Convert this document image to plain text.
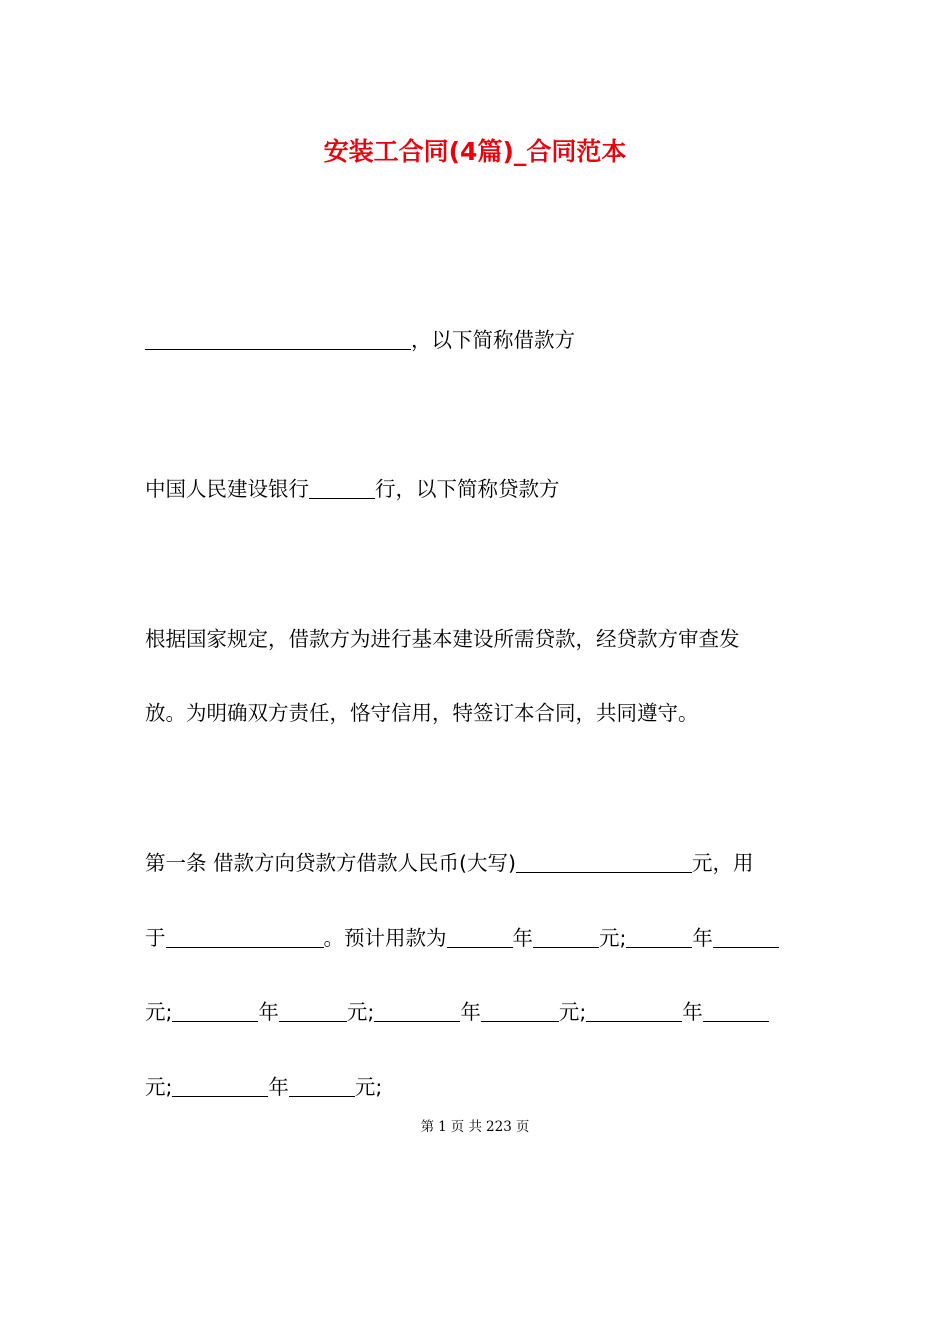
安装工合同(4篇)_合同范本
，以下简称借款方
中国人民建设银行	行，以下简称贷款方
根据国家规定，借款方为进行基本建设所需贷款，经贷款方审查发
放。为明确双方责任，恪守信用，特签订本合同，共同遵守。
第一条 借款方向贷款方借款人民币(大写)	元，用
于	。预计用款为	年	元;	年
元;	年	元;	年	元;	年
元;	年	元;
第 1 页 共 223 页
